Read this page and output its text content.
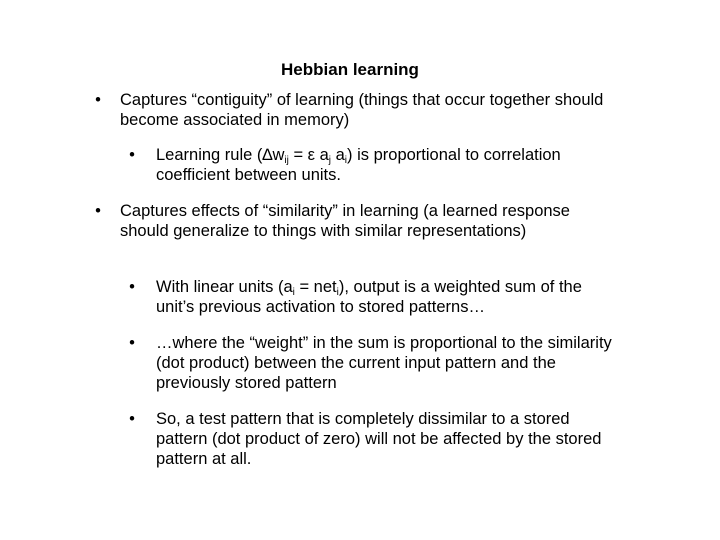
Hebbian learning
• Captures “contiguity” of learning (things that occur together should become associated in memory)
• Learning rule ($\Delta w_{ij} = \varepsilon$ $a_j$ $a_i$) is proportional to correlation coefficient between units.
• Captures effects of “similarity” in learning (a learned response should generalize to things with similar representations)
• With linear units $(a_i = net_i)$, output is a weighted sum of the unit’s previous activation to stored patterns…
• …where the “weight” in the sum is proportional to the similarity (dot product) between the current input pattern and the previously stored pattern
• So, a test pattern that is completely dissimilar to a stored pattern (dot product of zero) will not be affected by the stored pattern at all.
